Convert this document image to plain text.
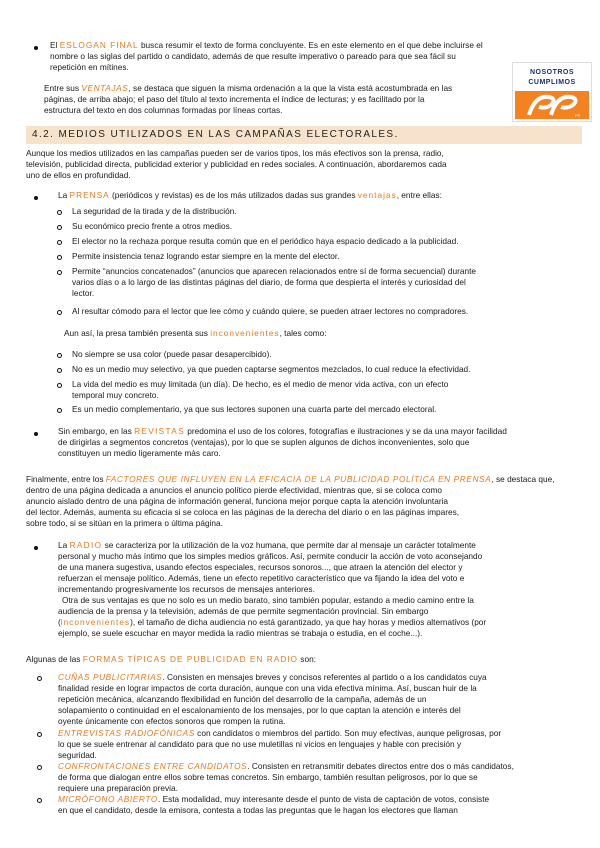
El ESLOGAN FINAL busca resumir el texto de forma concluyente. Es en este elemento en el que debe incluirse el

nombre o las siglas del partido o candidato, además de que resulte imperativo o pareado para que sea fácil su

repetición en mítines.

Entre sus VENTAJAS, se destaca que siguen la misma ordenación a la que la vista está acostumbrada en las

páginas, de arriba abajo; el paso del título al texto incrementa el índice de lecturas; y es facilitado por la

estructura del texto en dos columnas formadas por líneas cortas.

NOSOTROS
CUMPLIMOS
PP
4.2. MEDIOS UTILIZADOS EN LAS CAMPAÑAS ELECTORALES.

Aunque los medios utilizados en las campañas pueden ser de varios tipos, los más efectivos son la prensa, radio,

televisión, publicidad directa, publicidad exterior y publicidad en redes sociales. A continuación, abordaremos cada

uno de ellos en profundidad.

La PRENSA (periódicos y revistas) es de los más utilizados dadas sus grandes ventajas, entre ellas:

La seguridad de la tirada y de la distribución.

Su económico precio frente a otros medios.

El elector no la rechaza porque resulta común que en el periódico haya espacio dedicado a la publicidad.

Permite insistencia tenaz logrando estar siempre en la mente del elector.

Permite “anuncios concatenados” (anuncios que aparecen relacionados entre sí de forma secuencial) durante

varios días o a lo largo de las distintas páginas del diario, de forma que despierta el interés y curiosidad del

lector.

Al resultar cómodo para el lector que lee cómo y cuándo quiere, se pueden atraer lectores no compradores.

Aun así, la presa también presenta sus inconvenientes, tales como:

No siempre se usa color (puede pasar desapercibido).

No es un medio muy selectivo, ya que pueden captarse segmentos mezclados, lo cual reduce la efectividad.

La vida del medio es muy limitada (un día). De hecho, es el medio de menor vida activa, con un efecto

temporal muy concreto.

Es un medio complementario, ya que sus lectores suponen una cuarta parte del mercado electoral.

Sin embargo, en las REVISTAS predomina el uso de los colores, fotografías e ilustraciones y se da una mayor facilidad

de dirigirlas a segmentos concretos (ventajas), por lo que se suplen algunos de dichos inconvenientes, solo que

constituyen un medio ligeramente más caro.

Finalmente, entre los FACTORES QUE INFLUYEN EN LA EFICACIA DE LA PUBLICIDAD POLÍTICA EN PRENSA, se destaca que,

dentro de una página dedicada a anuncios el anuncio político pierde efectividad, mientras que, si se coloca como

anuncio aislado dentro de una página de información general, funciona mejor porque capta la atención involuntaria

del lector. Además, aumenta su eficacia si se coloca en las páginas de la derecha del diario o en las páginas impares,

sobre todo, si se sitúan en la primera o última página.

La RADIO se caracteriza por la utilización de la voz humana, que permite dar al mensaje un carácter totalmente

personal y mucho más íntimo que los simples medios gráficos. Así, permite conducir la acción de voto aconsejando

de una manera sugestiva, usando efectos especiales, recursos sonoros..., que atraen la atención del elector y

refuerzan el mensaje político. Además, tiene un efecto repetitivo característico que va fijando la idea del voto e

incrementando progresivamente los recursos de mensajes anteriores.

Otra de sus ventajas es que no solo es un medio barato, sino también popular, estando a medio camino entre la

audiencia de la prensa y la televisión, además de que permite segmentación provincial. Sin embargo

(inconvenientes), el tamaño de dicha audiencia no está garantizado, ya que hay horas y medios alternativos (por

ejemplo, se suele escuchar en mayor medida la radio mientras se trabaja o estudia, en el coche...).

Algunas de las FORMAS TÍPICAS DE PUBLICIDAD EN RADIO son:

CUÑAS PUBLICITARIAS. Consisten en mensajes breves y concisos referentes al partido o a los candidatos cuya

finalidad reside en lograr impactos de corta duración, aunque con una vida efectiva mínima. Así, buscan huir de la

repetición mecánica, alcanzando flexibilidad en función del desarrollo de la campaña, además de un

solapamiento o continuidad en el escalonamiento de los mensajes, por lo que captan la atención e interés del

oyente únicamente con efectos sonoros que rompen la rutina.

ENTREVISTAS RADIOFÓNICAS con candidatos o miembros del partido. Son muy efectivas, aunque peligrosas, por

lo que se suele entrenar al candidato para que no use muletillas ni vicios en lenguajes y hable con precisión y

seguridad.

CONFRONTACIONES ENTRE CANDIDATOS. Consisten en retransmitir debates directos entre dos o más candidatos,

de forma que dialogan entre ellos sobre temas concretos. Sin embargo, también resultan peligrosos, por lo que se

requiere una preparación previa.

MICRÓFONO ABIERTO. Esta modalidad, muy interesante desde el punto de vista de captación de votos, consiste

en que el candidato, desde la emisora, contesta a todas las preguntas que le hagan los electores que llaman
